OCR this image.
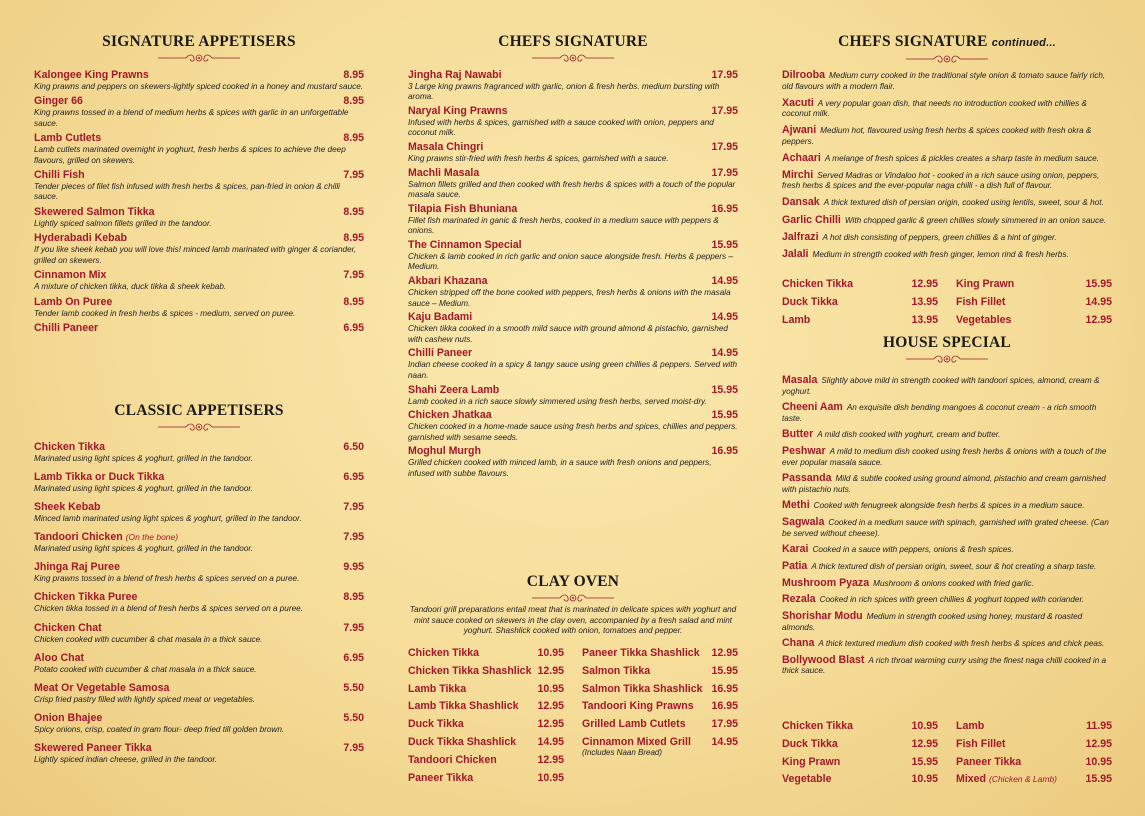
SIGNATURE APPETISERS
Kalongee King Prawns	8.95
King prawns and peppers on skewers-lightly spiced cooked in a honey and mustard sauce.
Ginger 66	8.95
King prawns tossed in a blend of medium herbs & spices with garlic in an unforgettable sauce.
Lamb Cutlets	8.95
Lamb cutlets marinated overnight in yoghurt, fresh herbs & spices to achieve the deep flavours, grilled on skewers.
Chilli Fish	7.95
Tender pieces of filet fish infused with fresh herbs & spices, pan-fried in onion & chilli sauce.
Skewered Salmon Tikka	8.95
Lightly spiced salmon fillets grilled in the tandoor.
Hyderabadi Kebab	8.95
If you like sheek kebab you will love this! minced lamb marinated with ginger & coriander, grilled on skewers.
Cinnamon Mix	7.95
A mixture of chicken tikka, duck tikka & sheek kebab.
Lamb On Puree	8.95
Tender lamb cooked in fresh herbs & spices - medium, served on puree.
Chilli Paneer	6.95
CLASSIC APPETISERS
Chicken Tikka	6.50
Marinated using light spices & yoghurt, grilled in the tandoor.
Lamb Tikka or Duck Tikka	6.95
Marinated using light spices & yoghurt, grilled in the tandoor.
Sheek Kebab	7.95
Minced lamb marinated using light spices & yoghurt, grilled in the tandoor.
Tandoori Chicken (On the bone)	7.95
Marinated using light spices & yoghurt, grilled in the tandoor.
Jhinga Raj Puree	9.95
King prawns tossed in a blend of fresh herbs & spices served on a puree.
Chicken Tikka Puree	8.95
Chicken tikka tossed in a blend of fresh herbs & spices served on a puree.
Chicken Chat	7.95
Chicken cooked with cucumber & chat masala in a thick sauce.
Aloo Chat	6.95
Potato cooked with cucumber & chat masala in a thick sauce.
Meat Or Vegetable Samosa	5.50
Crisp fried pastry filled with lightly spiced meat or vegetables.
Onion Bhajee	5.50
Spicy onions, crisp, coated in gram flour- deep fried till golden brown.
Skewered Paneer Tikka	7.95
Lightly spiced indian cheese, grilled in the tandoor.
CHEFS SIGNATURE
Jingha Raj Nawabi	17.95
3 Large king prawns fragranced with garlic, onion & fresh herbs. medium bursting with aroma.
Naryal King Prawns	17.95
Infused with herbs & spices, garnished with a sauce cooked with onion, peppers and coconut milk.
Masala Chingri	17.95
King prawns stir-fried with fresh herbs & spices, garnished with a sauce.
Machli Masala	17.95
Salmon fillets grilled and then cooked with fresh herbs & spices with a touch of the popular masala sauce.
Tilapia Fish Bhuniana	16.95
Fillet fish marinated in ganic & fresh herbs, cooked in a medium sauce with peppers & onions.
The Cinnamon Special	15.95
Chicken & lamb cooked in rich garlic and onion sauce alongside fresh. Herbs & peppers – Medium.
Akbari Khazana	14.95
Chicken stripped off the bone cooked with peppers, fresh herbs & onions with the masala sauce – Medium.
Kaju Badami	14.95
Chicken tikka cooked in a smooth mild sauce with ground almond & pistachio, garnished with cashew nuts.
Chilli Paneer	14.95
Indian cheese cooked in a spicy & tangy sauce using green chillies & peppers. Served with naan.
Shahi Zeera Lamb	15.95
Lamb cooked in a rich sauce slowly simmered using fresh herbs, served moist-dry.
Chicken Jhatkaa	15.95
Chicken cooked in a home-made sauce using fresh herbs and spices, chillies and peppers. garnished with sesame seeds.
Moghul Murgh	16.95
Grilled chicken cooked with minced lamb, in a sauce with fresh onions and peppers, infused with subbe flavours.
CLAY OVEN
Tandoori grill preparations entail meat that is marinated in delicate spices with yoghurt and mint sauce cooked on skewers in the clay oven, accompanied by a fresh salad and mint yoghurt. Shashlick cooked with onion, tomatoes and pepper.
Chicken Tikka	10.95
Chicken Tikka Shashlick 12.95
Lamb Tikka	10.95
Lamb Tikka Shashlick 12.95
Duck Tikka	12.95
Duck Tikka Shashlick 14.95
Tandoori Chicken	12.95
Paneer Tikka	10.95
Paneer Tikka Shashlick 12.95
Salmon Tikka	15.95
Salmon Tikka Shashlick 16.95
Tandoori King Prawns 16.95
Grilled Lamb Cutlets 17.95
Cinnamon Mixed Grill 14.95
(Includes Naan Bread)
CHEFS SIGNATURE continued...
Dilrooba Medium curry cooked in the traditional style onion & tomato sauce fairly rich, old flavours with a modern flair.
Xacuti A very popular goan dish, that needs no introduction cooked with chillies & coconut milk.
Ajwani Medium hot, flavoured using fresh herbs & spices cooked with fresh okra & peppers.
Achaari A melange of fresh spices & pickles creates a sharp taste in medium sauce.
Mirchi Served Madras or Vindaloo hot - cooked in a rich sauce using onion, peppers, fresh herbs & spices and the ever-popular naga chilli - a dish full of flavour.
Dansak A thick textured dish of persian origin, cooked using lentils, sweet, sour & hot.
Garlic Chilli With chopped garlic & green chillies slowly simmered in an onion sauce.
Jalfrazi A hot dish consisting of peppers, green chillies & a hint of ginger.
Jalali Medium in strength cooked with fresh ginger, lemon rind & fresh herbs.
Chicken Tikka	12.95
Duck Tikka	13.95
Lamb	13.95
King Prawn	15.95
Fish Fillet	14.95
Vegetables	12.95
HOUSE SPECIAL
Masala Slightly above mild in strength cooked with tandoori spices, almond, cream & yoghurt.
Cheeni Aam An exquisite dish bending mangoes & coconut cream - a rich smooth taste.
Butter A mild dish cooked with yoghurt, cream and butter.
Peshwar A mild to medium dish cooked using fresh herbs & onions with a touch of the ever popular masala sauce.
Passanda Mild & subtle cooked using ground almond, pistachio and cream garnished with pistachio nuts.
Methi Cooked with fenugreek alongside fresh herbs & spices in a medium sauce.
Sagwala Cooked in a medium sauce with spinach, garnished with grated cheese. (Can be served without cheese).
Karai Cooked in a sauce with peppers, onions & fresh spices.
Patia A thick textured dish of persian origin, sweet, sour & hot creating a sharp taste.
Mushroom Pyaza Mushroom & onions cooked with fried garlic.
Rezala Cooked in rich spices with green chillies & yoghurt topped with coriander.
Shorishar Modu Medium in strength cooked using honey, mustard & roasted almonds.
Chana A thick textured medium dish cooked with fresh herbs & spices and chick peas.
Bollywood Blast A rich throat warming curry using the finest naga chilli cooked in a thick sauce.
Chicken Tikka	10.95
Duck Tikka	12.95
King Prawn	15.95
Vegetable	10.95
Lamb	11.95
Fish Fillet	12.95
Paneer Tikka	10.95
Mixed (Chicken & Lamb)	15.95
